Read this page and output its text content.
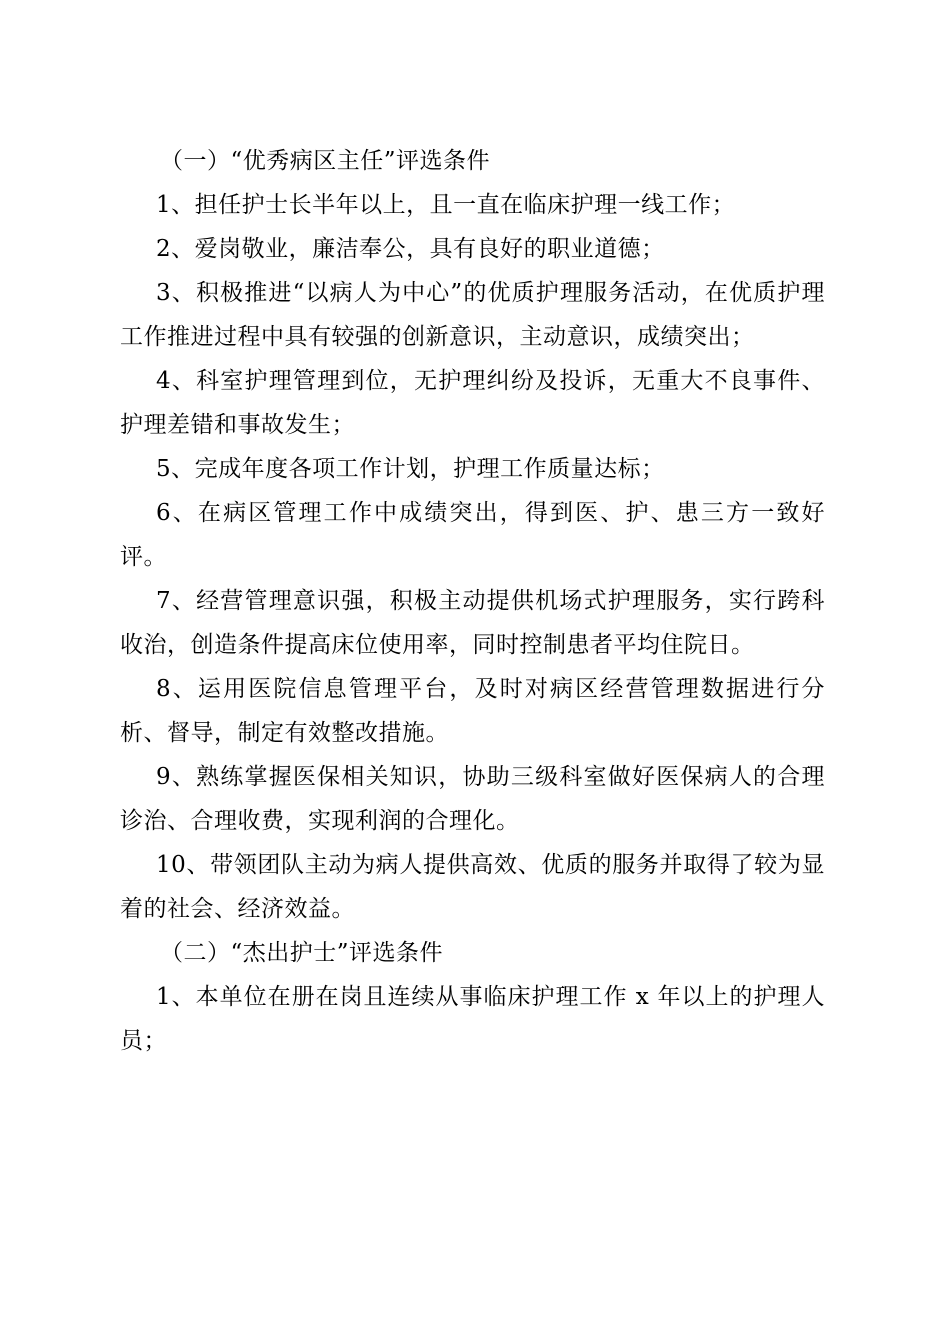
（一）“优秀病区主任”评选条件

1、担任护士长半年以上，且一直在临床护理一线工作；

2、爱岗敬业，廉洁奉公，具有良好的职业道德；

3、积极推进“以病人为中心”的优质护理服务活动，在优质护理工作推进过程中具有较强的创新意识，主动意识，成绩突出；

4、科室护理管理到位，无护理纠纷及投诉，无重大不良事件、护理差错和事故发生；

5、完成年度各项工作计划，护理工作质量达标；

6、在病区管理工作中成绩突出，得到医、护、患三方一致好评。

7、经营管理意识强，积极主动提供机场式护理服务，实行跨科收治，创造条件提高床位使用率，同时控制患者平均住院日。

8、运用医院信息管理平台，及时对病区经营管理数据进行分析、督导，制定有效整改措施。

9、熟练掌握医保相关知识，协助三级科室做好医保病人的合理诊治、合理收费，实现利润的合理化。

10、带领团队主动为病人提供高效、优质的服务并取得了较为显着的社会、经济效益。

（二）“杰出护士”评选条件

1、本单位在册在岗且连续从事临床护理工作 x 年以上的护理人员；
